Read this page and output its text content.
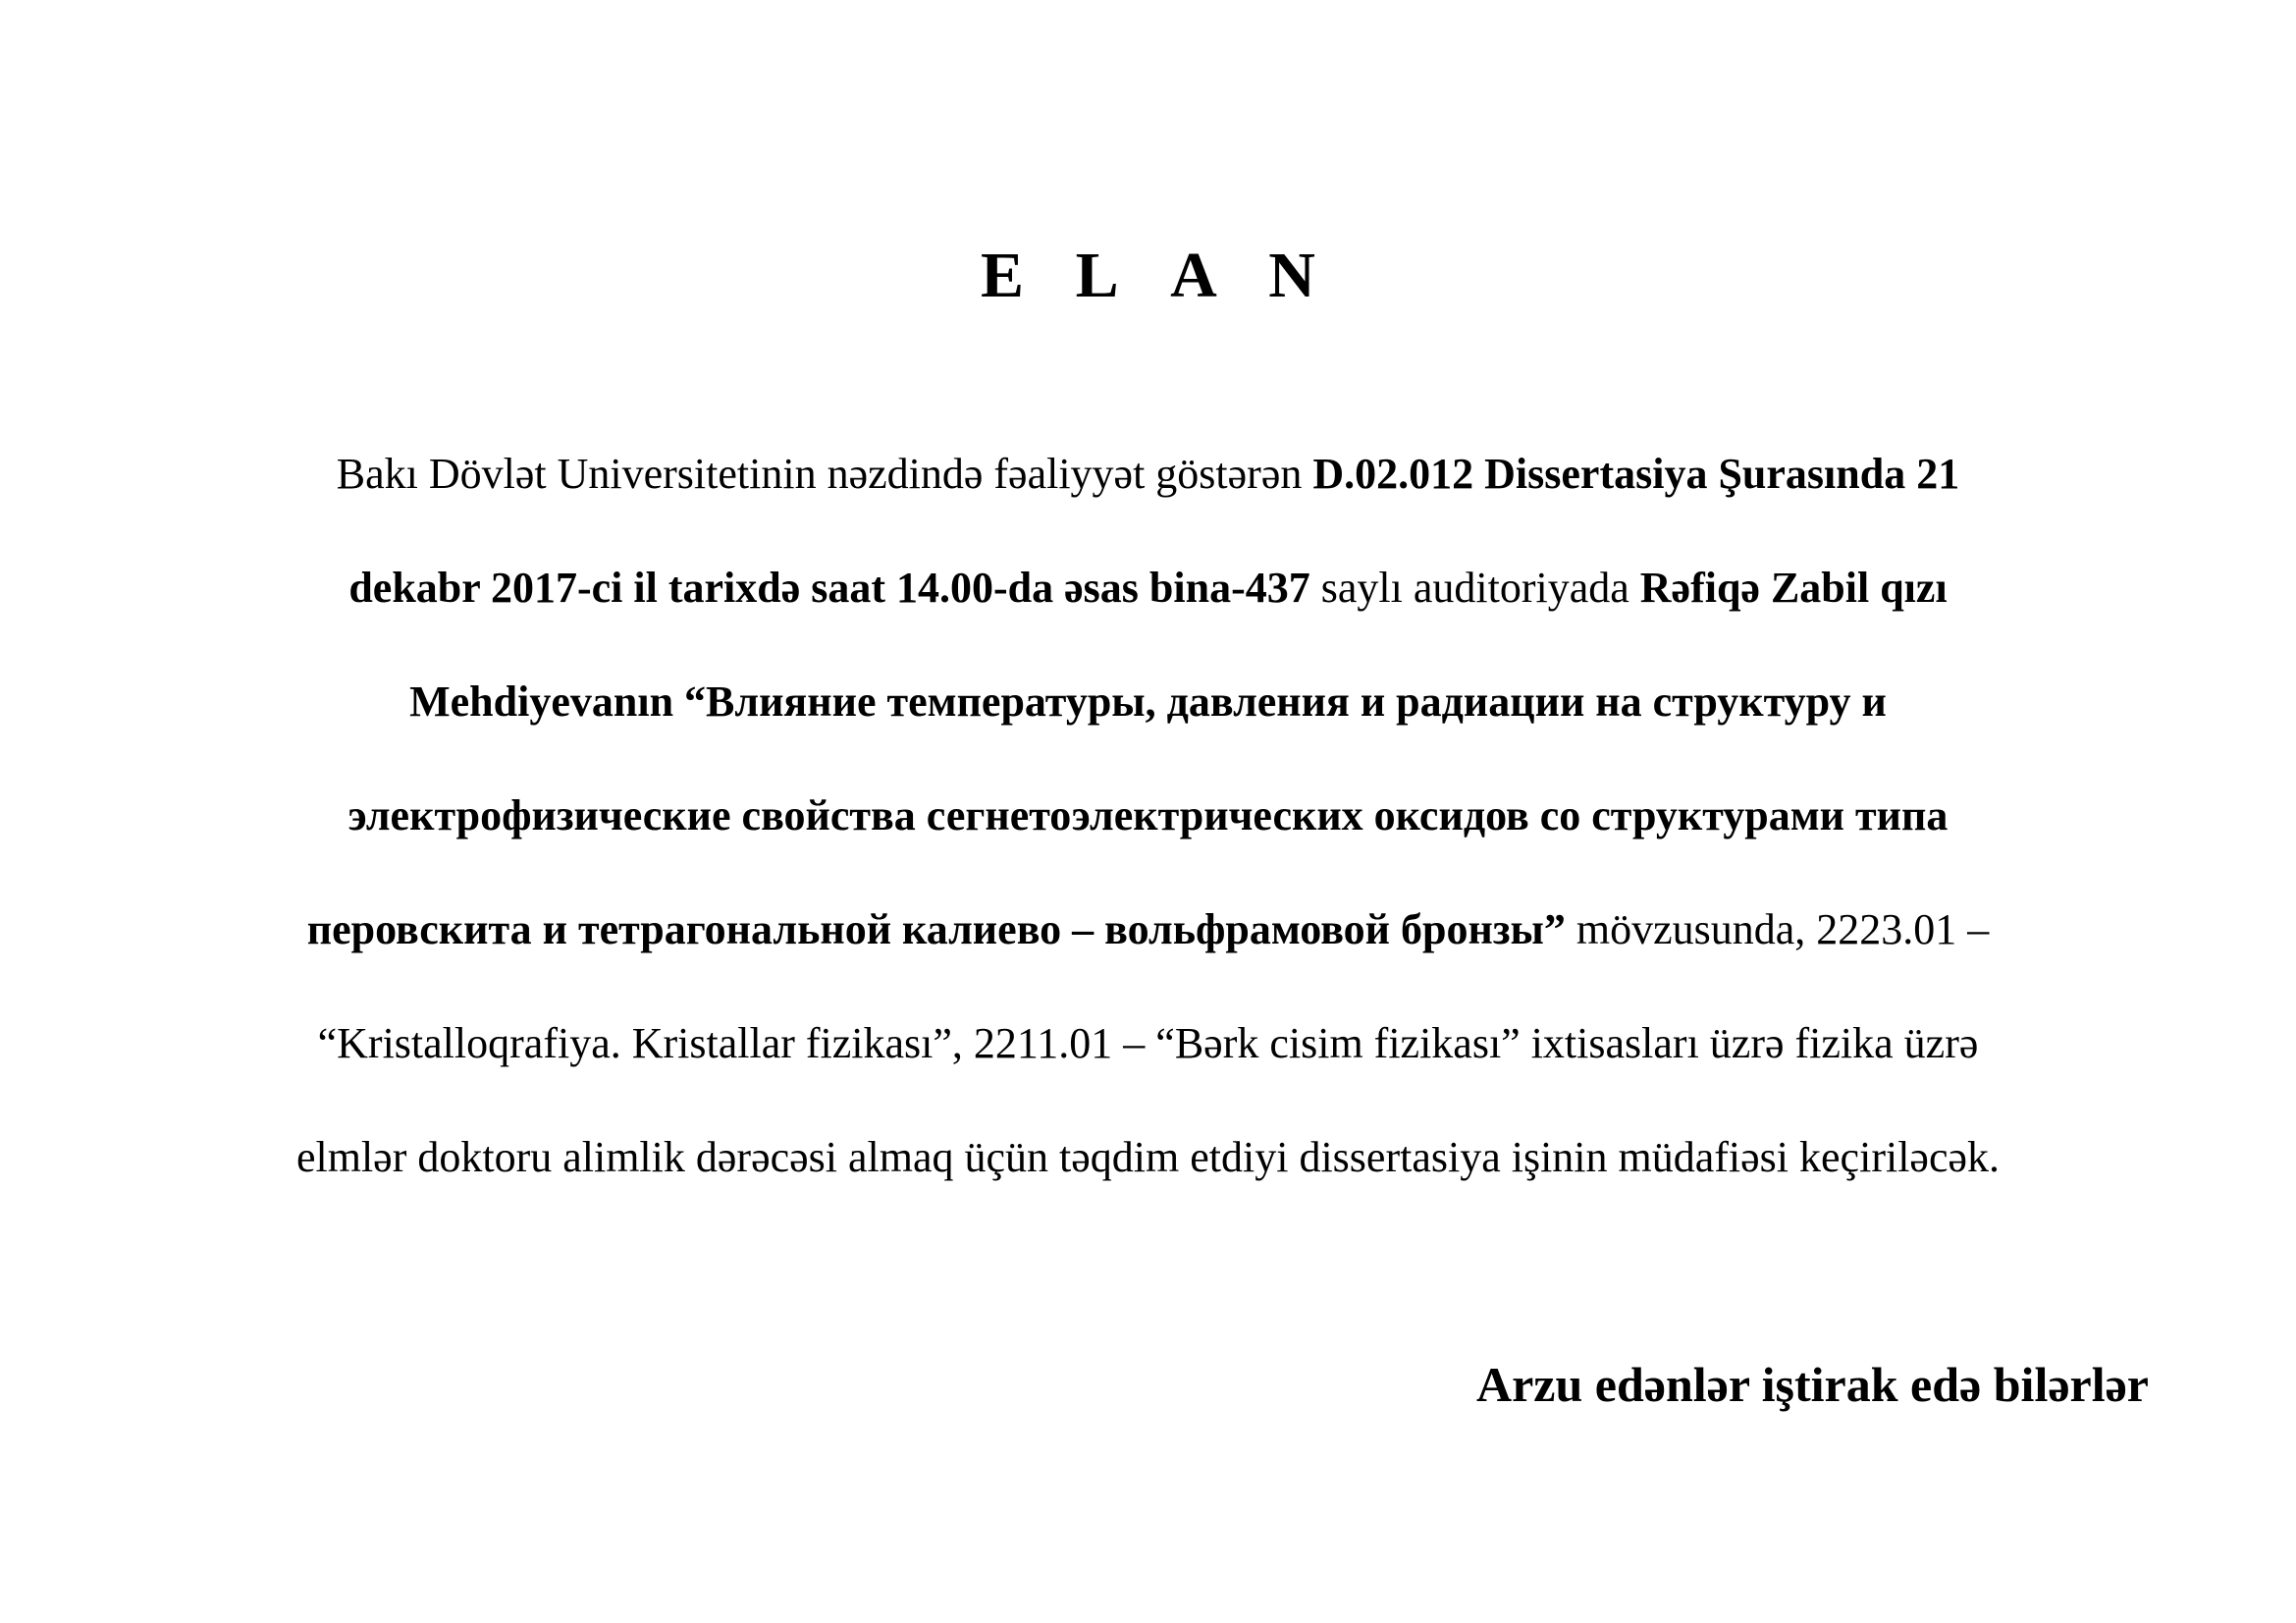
E L A N

Bakı Dövlət Universitetinin nəzdində fəaliyyət göstərən D.02.012 Dissertasiya Şurasında 21
dekabr 2017-ci il tarixdə saat 14.00-da əsas bina-437 saylı auditoriyada Rəfiqə Zabil qızı
Mehdiyevanın “Влияние температуры, давления и радиации на структуру и
электрофизические свойства сегнетоэлектрических оксидов со структурами типа
перовскита и тетрагональной калиево – вольфрамовой бронзы” mövzusunda, 2223.01 –
“Kristalloqrafiya. Kristallar fizikası”, 2211.01 – “Bərk cisim fizikası” ixtisasları üzrə fizika üzrə
elmlər doktoru alimlik dərəcəsi almaq üçün təqdim etdiyi dissertasiya işinin müdafiəsi keçiriləcək.

Arzu edənlər iştirak edə bilərlər
